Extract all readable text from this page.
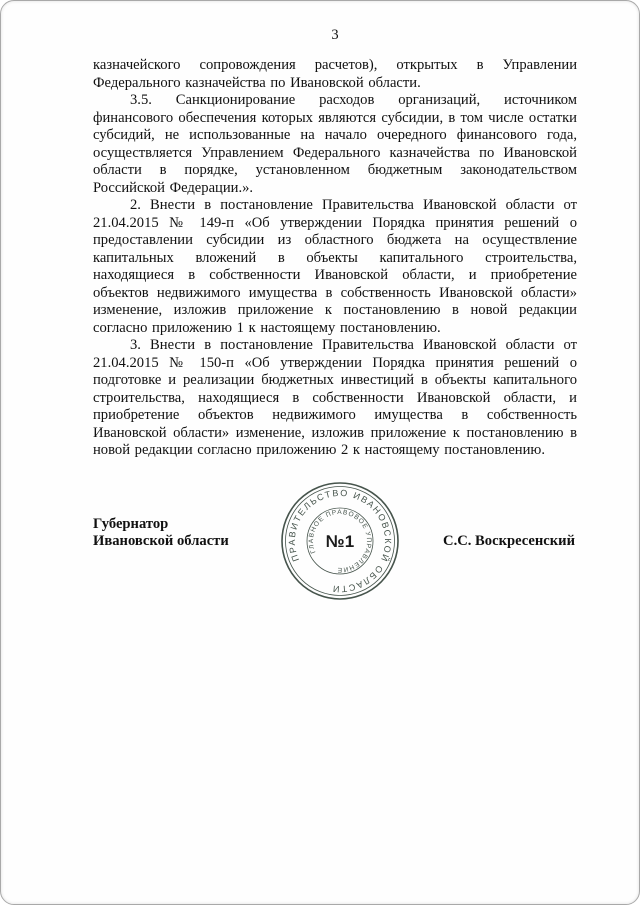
3

казначейского сопровождения расчетов), открытых в Управлении Федерального казначейства по Ивановской области.

3.5. Санкционирование расходов организаций, источником финансового обеспечения которых являются субсидии, в том числе остатки субсидий, не использованные на начало очередного финансового года, осуществляется Управлением Федерального казначейства по Ивановской области в порядке, установленном бюджетным законодательством Российской Федерации.».

2. Внести в постановление Правительства Ивановской области от 21.04.2015 № 149-п «Об утверждении Порядка принятия решений о предоставлении субсидии из областного бюджета на осуществление капитальных вложений в объекты капитального строительства, находящиеся в собственности Ивановской области, и приобретение объектов недвижимого имущества в собственность Ивановской области» изменение, изложив приложение к постановлению в новой редакции согласно приложению 1 к настоящему постановлению.

3. Внести в постановление Правительства Ивановской области от 21.04.2015 № 150-п «Об утверждении Порядка принятия решений о подготовке и реализации бюджетных инвестиций в объекты капитального строительства, находящиеся в собственности Ивановской области, и приобретение объектов недвижимого имущества в собственность Ивановской области» изменение, изложив приложение к постановлению в новой редакции согласно приложению 2 к настоящему постановлению.

Губернатор
Ивановской области
ПРАВИТЕЛЬСТВО ИВАНОВСКОЙ ОБЛАСТИ
ГЛАВНОЕ ПРАВОВОЕ УПРАВЛЕНИЕ
№1	С.С. Воскресенский
